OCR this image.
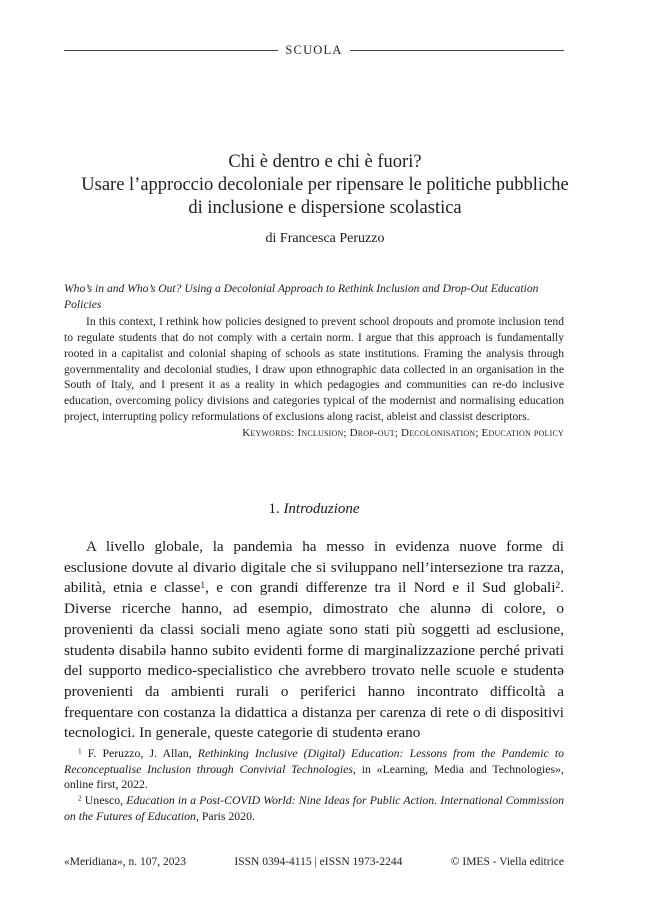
SCUOLA
Chi è dentro e chi è fuori?
Usare l’approccio decoloniale per ripensare le politiche pubbliche
di inclusione e dispersione scolastica
di Francesca Peruzzo
Who’s in and Who’s Out? Using a Decolonial Approach to Rethink Inclusion and Drop-Out Education Policies
In this context, I rethink how policies designed to prevent school dropouts and promote inclusion tend to regulate students that do not comply with a certain norm. I argue that this approach is fundamentally rooted in a capitalist and colonial shaping of schools as state institutions. Framing the analysis through governmentality and decolonial studies, I draw upon ethnographic data collected in an organisation in the South of Italy, and I present it as a reality in which pedagogies and communities can re-do inclusive education, overcoming policy divisions and categories typical of the modernist and normalising education project, interrupting policy reformulations of exclusions along racist, ableist and classist descriptors.
Keywords: Inclusion; Drop-out; Decolonisation; Education policy
1. Introduzione

A livello globale, la pandemia ha messo in evidenza nuove forme di esclusione dovute al divario digitale che si sviluppano nell’intersezione tra razza, abilità, etnia e classe$^1$, e con grandi differenze tra il Nord e il Sud globali$^2$. Diverse ricerche hanno, ad esempio, dimostrato che alunnə di colore, o provenienti da classi sociali meno agiate sono stati più soggetti ad esclusione, studentə disabilə hanno subito evidenti forme di marginalizzazione perché privati del supporto medico-specialistico che avrebbero trovato nelle scuole e studentə provenienti da ambienti rurali o periferici hanno incontrato difficoltà a frequentare con costanza la didattica a distanza per carenza di rete o di dispositivi tecnologici. In generale, queste categorie di studentə erano

$^1$ F. Peruzzo, J. Allan, Rethinking Inclusive (Digital) Education: Lessons from the Pandemic to Reconceptualise Inclusion through Convivial Technologies, in «Learning, Media and Technologies», online first, 2022.

$^2$ Unesco, Education in a Post-COVID World: Nine Ideas for Public Action. International Commission on the Futures of Education, Paris 2020.

«Meridiana», n. 107, 2023	ISSN 0394-4115 | eISSN 1973-2244	© IMES - Viella editrice
